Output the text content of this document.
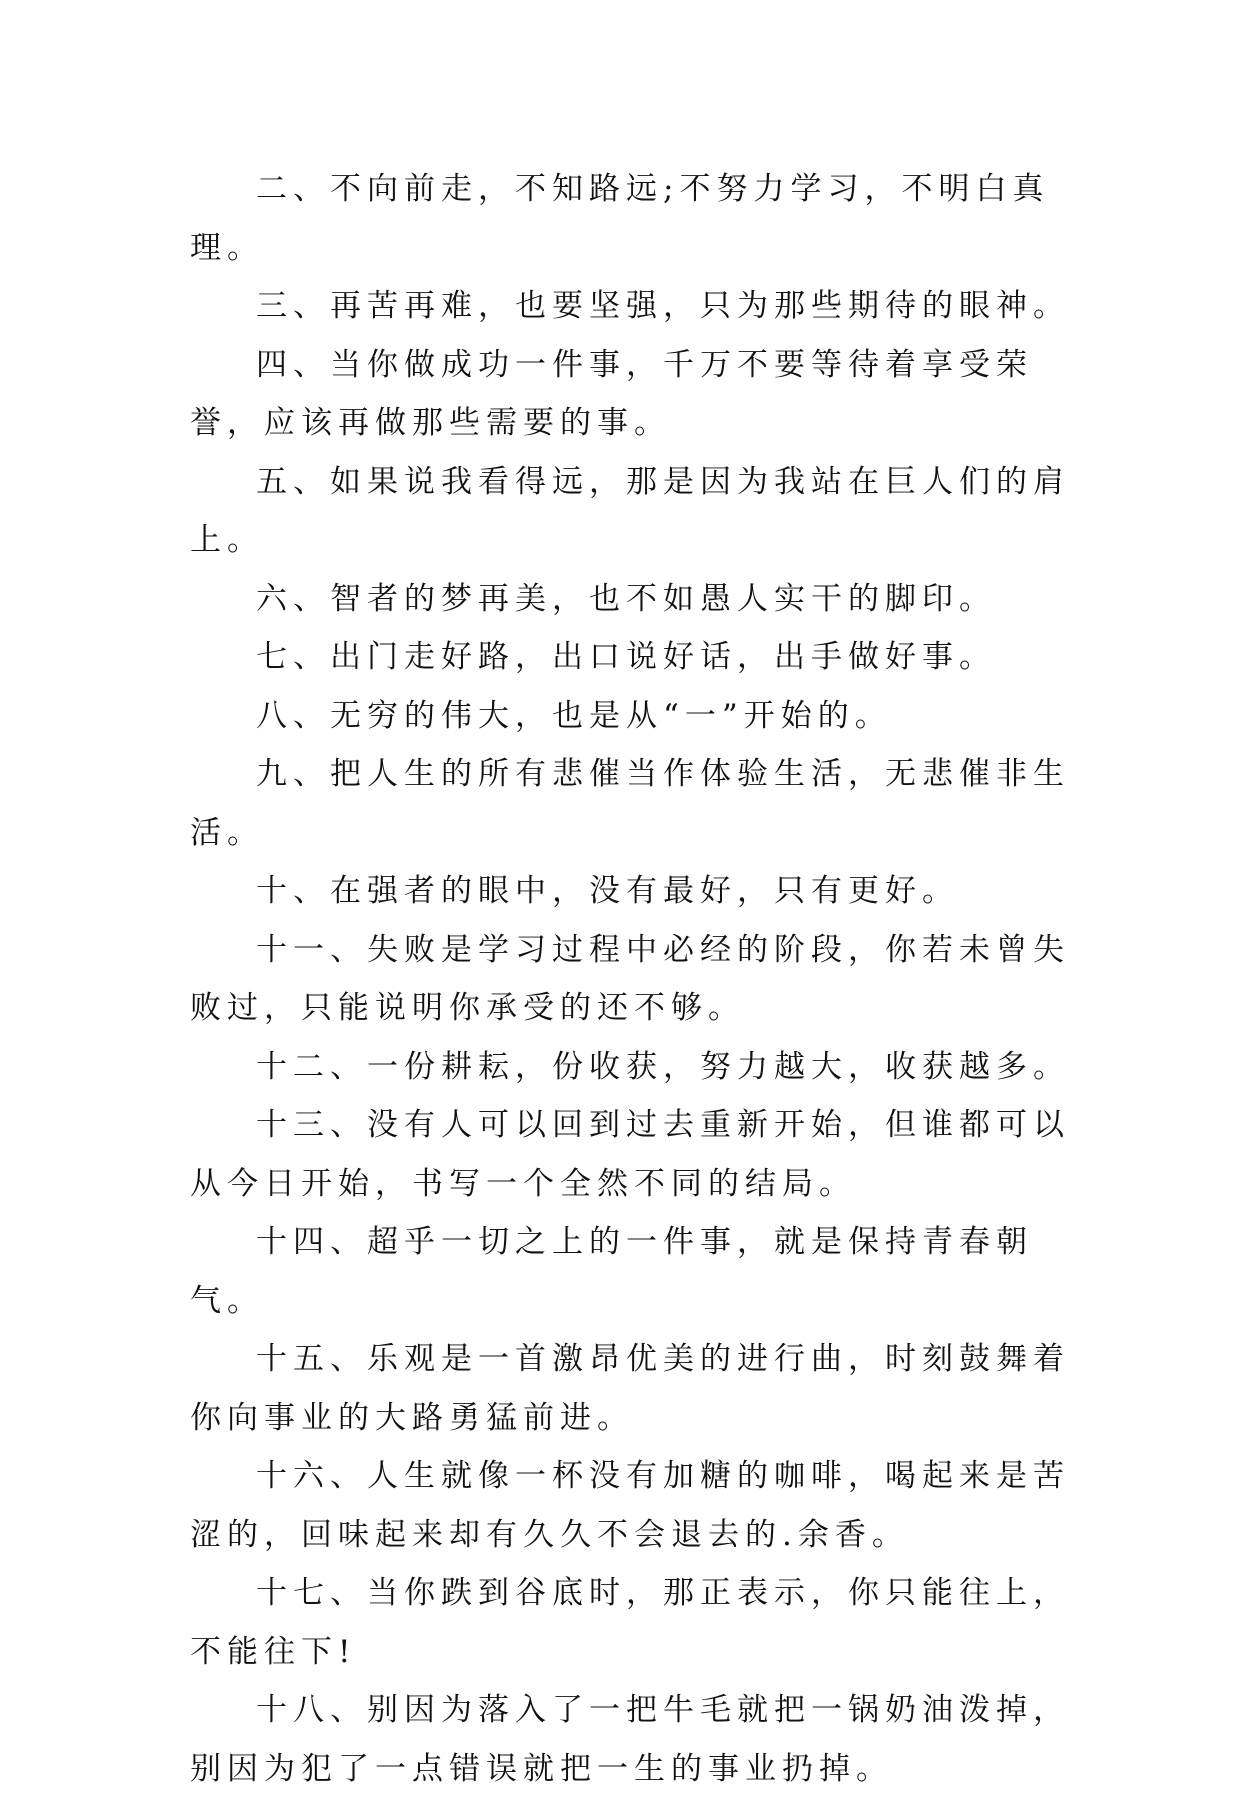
二、不向前走，不知路远;不努力学习，不明白真理。

三、再苦再难，也要坚强，只为那些期待的眼神。

四、当你做成功一件事，千万不要等待着享受荣誉，应该再做那些需要的事。

五、如果说我看得远，那是因为我站在巨人们的肩上。

六、智者的梦再美，也不如愚人实干的脚印。

七、出门走好路，出口说好话，出手做好事。

八、无穷的伟大，也是从“一”开始的。

九、把人生的所有悲催当作体验生活，无悲催非生活。

十、在强者的眼中，没有最好，只有更好。

十一、失败是学习过程中必经的阶段，你若未曾失败过，只能说明你承受的还不够。

十二、一份耕耘，份收获，努力越大，收获越多。

十三、没有人可以回到过去重新开始，但谁都可以从今日开始，书写一个全然不同的结局。

十四、超乎一切之上的一件事，就是保持青春朝气。

十五、乐观是一首激昂优美的进行曲，时刻鼓舞着你向事业的大路勇猛前进。

十六、人生就像一杯没有加糖的咖啡，喝起来是苦涩的，回味起来却有久久不会退去的.余香。

十七、当你跌到谷底时，那正表示，你只能往上，不能往下!

十八、别因为落入了一把牛毛就把一锅奶油泼掉，别因为犯了一点错误就把一生的事业扔掉。
